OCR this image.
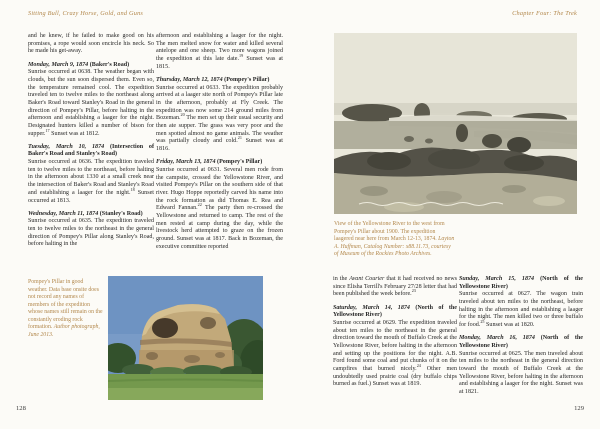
Sitting Bull, Crazy Horse, Gold, and Guns

and he knew, if he failed to make good on his promises, a rope would soon encircle his neck. So he made his get-away.

Monday, March 9, 1874 (Baker's Road)
Sunrise occurred at 0638. The weather began with clouds, but the sun soon dispersed them. Even so, the temperature remained cool. The expedition traveled ten to twelve miles to the northeast along Baker's Road toward Stanley's Road in the general direction of Pompey's Pillar, before halting in the afternoon and establishing a laager for the night. Designated hunters killed a number of bison for supper.$^{17}$ Sunset was at 1812.

Tuesday, March 10, 1874 (Intersection of Baker's Road and Stanley's Road)
Sunrise occurred at 0636. The expedition traveled ten to twelve miles to the northeast, before halting in the afternoon about 1330 at a small creek near the intersection of Baker's Road and Stanley's Road and establishing a laager for the night.$^{18}$ Sunset occurred at 1813.

Wednesday, March 11, 1874 (Stanley's Road)
Sunrise occurred at 0635. The expedition traveled ten to twelve miles to the northeast in the general direction of Pompey's Pillar along Stanley's Road, before halting in the

afternoon and establishing a laager for the night. The men melted snow for water and killed several antelope and one sheep. Two more wagons joined the expedition at this late date.$^{19}$ Sunset was at 1815.

Thursday, March 12, 1874 (Pompey's Pillar)
Sunrise occurred at 0633. The expedition probably arrived at a laager site north of Pompey's Pillar late in the afternoon, probably at Fly Creek. The expedition was now some 214 ground miles from Bozeman.$^{20}$ The men set up their usual security and then ate supper. The grass was very poor and the men spotted almost no game animals. The weather was partially cloudy and cold.$^{21}$ Sunset was at 1816.

Friday, March 13, 1874 (Pompey's Pillar)
Sunrise occurred at 0631. Several men rode from the campsite, crossed the Yellowstone River, and visited Pompey's Pillar on the southern side of that river. Hugo Hoppe reportedly carved his name into the rock formation as did Thomas E. Rea and Edward Fannan.$^{22}$ The party then re-crossed the Yellowstone and returned to camp. The rest of the men rested at camp during the day, while the livestock herd attempted to graze on the frozen ground. Sunset was at 1817. Back in Bozeman, the executive committee reported

Pompey's Pillar in good weather. Data base onsite does not record any names of members of the expedition whose names still remain on the constantly eroding rock formation. Author photograph, June 2013.
128
Chapter Four: The Trek
View of the Yellowstone River to the west from Pompey's Pillar about 1900. The expedition laagered near here from March 12-13, 1874. Layton A. Huffman, Catalog Number: x88.11.73, courtesy of Museum of the Rockies Photo Archives.

in the Avant Courier that it had received no news since Elisha Terrill's February 27/28 letter that had been published the week before.$^{23}$

Saturday, March 14, 1874 (North of the Yellowstone River)
Sunrise occurred at 0629. The expedition traveled about ten miles to the northeast in the general direction toward the mouth of Buffalo Creek at the Yellowstone River, before halting in the afternoon and setting up the positions for the night. A.B. Ford found some coal and put chunks of it on the campfires that burned nicely.$^{24}$ Other men undoubtedly used prairie coal (dry buffalo chips burned as fuel.) Sunset was at 1819.

Sunday, March 15, 1874 (North of the Yellowstone River)
Sunrise occurred at 0627. The wagon train traveled about ten miles to the northeast, before halting in the afternoon and establishing a laager for the night. The men killed two or three buffalo for food.$^{25}$ Sunset was at 1820.

Monday, March 16, 1874 (North of the Yellowstone River)
Sunrise occurred at 0625. The men traveled about ten miles to the northeast in the general direction toward the mouth of Buffalo Creek at the Yellowstone River, before halting in the afternoon and establishing a laager for the night. Sunset was at 1821.

129
